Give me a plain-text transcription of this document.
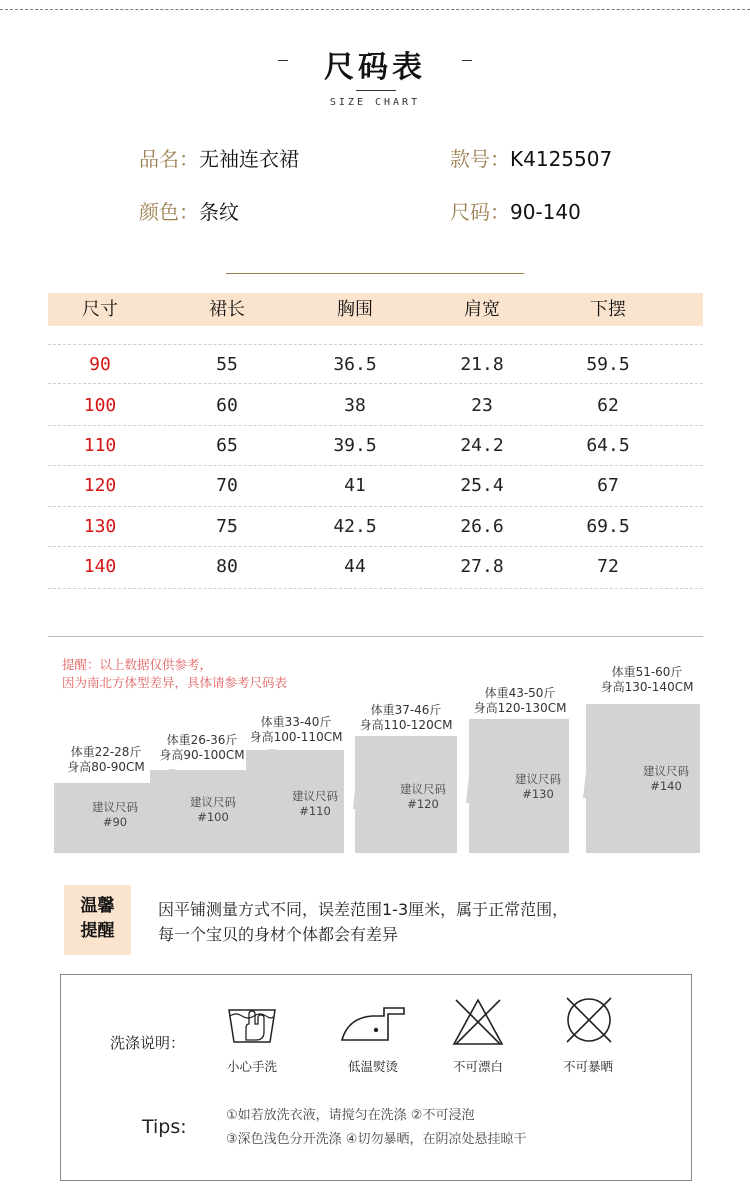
尺码表
SIZE CHART
品名：无袖连衣裙	款号：K4125507
颜色：条纹	尺码：90-140
尺寸	裙长	胸围	肩宽	下摆
90	55	36.5	21.8	59.5
100	60	38	23	62
110	65	39.5	24.2	64.5
120	70	41	25.4	67
130	75	42.5	26.6	69.5
140	80	44	27.8	72
提醒：以上数据仅供参考，
因为南北方体型差异，具体请参考尺码表
体重22-28斤
身高80-90CM
建议尺码
#90
体重26-36斤
身高90-100CM
建议尺码
#100
体重33-40斤
身高100-110CM
建议尺码
#110
体重37-46斤
身高110-120CM
建议尺码
#120
体重43-50斤
身高120-130CM
建议尺码
#130
体重51-60斤
身高130-140CM
建议尺码
#140
温馨
提醒
因平铺测量方式不同，误差范围1-3厘米，属于正常范围，
每一个宝贝的身材个体都会有差异
洗涤说明：
小心手洗	低温熨烫	不可漂白	不可暴晒
Tips:
①如若放洗衣液，请搅匀在洗涤 ②不可浸泡
③深色浅色分开洗涤 ④切勿暴晒，在阴凉处悬挂晾干
